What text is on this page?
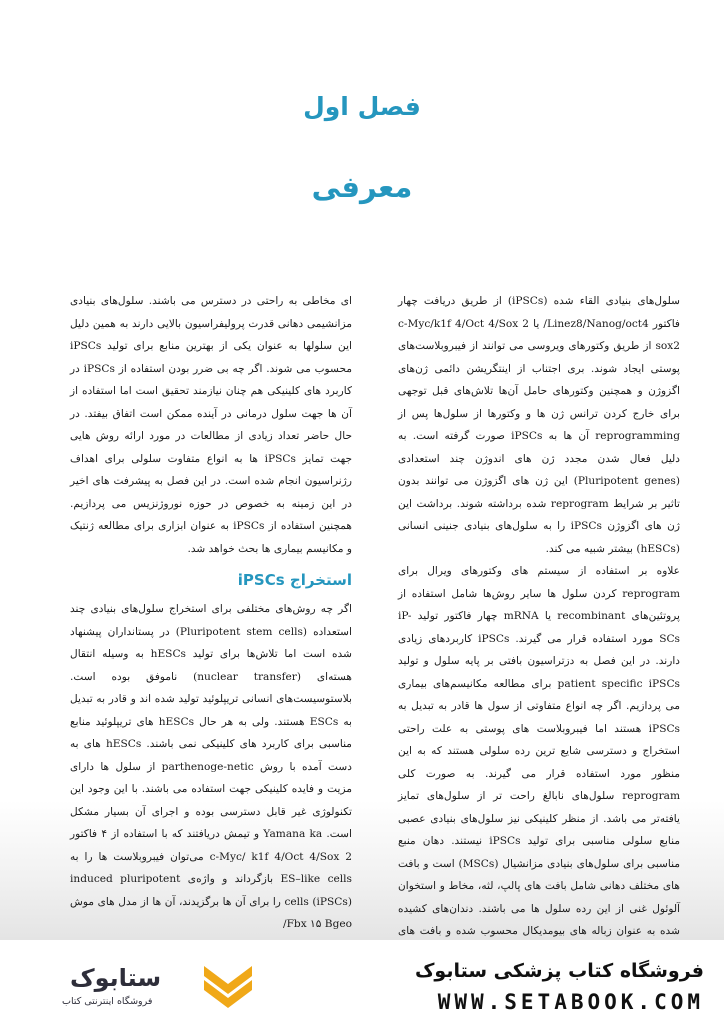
فصل اول
معرفی

سلول‌های بنیادی القاء شده (iPSCs) از طریق دریافت چهار فاکتور Linez8/Nanog/oct4/ یا c-Myc/k1f 4/Oct 4/Sox 2 sox2 از طریق وکتورهای ویروسی می توانند از فیبروبلاست‌های پوستی ایجاد شوند. بری اجتناب از اینتگریشن دائمی ژن‌های اگزوژن و همچنین وکتورهای حامل آن‌ها تلاش‌های قبل توجهی برای خارج کردن ترانس ژن ها و وکتورها از سلول‌ها پس از reprogramming آن ها به iPSCs صورت گرفته است. به دلیل فعال شدن مجدد ژن های اندوژن چند استعدادی (Pluripotent genes) این ژن های اگزوژن می توانند بدون تاثیر بر شرایط reprogram شده برداشته شوند. برداشت این ژن های اگزوژن iPSCs را به سلول‌های بنیادی جنینی انسانی (hESCs) بیشتر شبیه می کند.

علاوه بر استفاده از سیستم های وکتورهای ویرال برای reprogram کردن سلول ها سایر روش‌ها شامل استفاده از پروتئین‌های recombinant یا mRNA چهار فاکتور تولید iP-SCs مورد استفاده قرار می گیرند. iPSCs کاربردهای زیادی دارند. در این فصل به دزتراسیون بافتی بر پایه سلول و تولید patient specific iPSCs برای مطالعه مکانیسم‌های بیماری می پردازیم. اگر چه انواع متفاوتی از سول ها قادر به تبدیل به iPSCs هستند اما فیبروبلاست های پوستی به علت راحتی استخراج و دسترسی شایع ترین رده سلولی هستند که به این منظور مورد استفاده قرار می گیرند. به صورت کلی reprogram سلول‌های نابالغ راحت تر از سلول‌های تمایز یافته‌تر می باشد. از منظر کلینیکی نیز سلول‌های بنیادی عصبی منابع سلولی مناسبی برای تولید iPSCs نیستند. دهان منبع مناسبی برای سلول‌های بنیادی مزانشیال (MSCs) است و بافت های مختلف دهانی شامل بافت های پالپ، لثه، مخاط و استخوان آلوئول غنی از این رده سلول ها می باشند. دندان‌های کشیده شده به عنوان زباله های بیومدیکال محسوب شده و بافت های

ای مخاطی به راحتی در دسترس می باشند. سلول‌های بنیادی مزانشیمی دهانی قدرت پرولیفراسیون بالایی دارند به همین دلیل این سلولها به عنوان یکی از بهترین منابع برای تولید iPSCs محسوب می شوند. اگر چه بی ضرر بودن استفاده از iPSCs در کاربرد های کلینیکی هم چنان نیازمند تحقیق است اما استفاده از آن ها جهت سلول درمانی در آینده ممکن است اتفاق بیفتد. در حال حاضر تعداد زیادی از مطالعات در مورد ارائه روش هایی جهت تمایز iPSCs ها به انواع متفاوت سلولی برای اهداف رژنراسیون انجام شده است. در این فصل به پیشرفت های اخیر در این زمینه به خصوص در حوزه نوروژنزیس می پردازیم. همچنین استفاده از iPSCs به عنوان ابزاری برای مطالعه ژنتیک و مکانیسم بیماری ها بحث خواهد شد.

استخراج iPSCs

اگر چه روش‌های مختلفی برای استخراج سلول‌های بنیادی چند استعداده (Pluripotent stem cells) در پستانداران پیشنهاد شده است اما تلاش‌ها برای تولید hESCs به وسیله انتقال هسته‌ای (nuclear transfer) ناموفق بوده است. بلاستوسیست‌های انسانی تریپلوئید تولید شده اند و قادر به تبدیل به ESCs هستند. ولی به هر حال hESCs های تریپلوئید منابع مناسبی برای کاربرد های کلینیکی نمی باشند. hESCs های به دست آمده با روش parthenoge-netic از سلول ها دارای مزیت و فایده کلینیکی جهت استفاده می باشند. با این وجود این تکنولوژی غیر قابل دسترسی بوده و اجرای آن بسیار مشکل است. Yamana ka و تیمش دریافتند که با استفاده از ۴ فاکتور c-Myc/ k1f 4/Oct 4/Sox 2 می‌توان فیبروبلاست ها را به ES–like cells بازگرداند و واژه‌ی induced pluripotent cells (iPSCs) را برای آن ها برگزیدند، آن ها از مدل های موش Fbx ۱۵ Bgeo/

فروشگاه کتاب پزشکی ستابوک
WWW.SETABOOK.COM
ستابوک
فروشگاه اینترنتی کتاب
